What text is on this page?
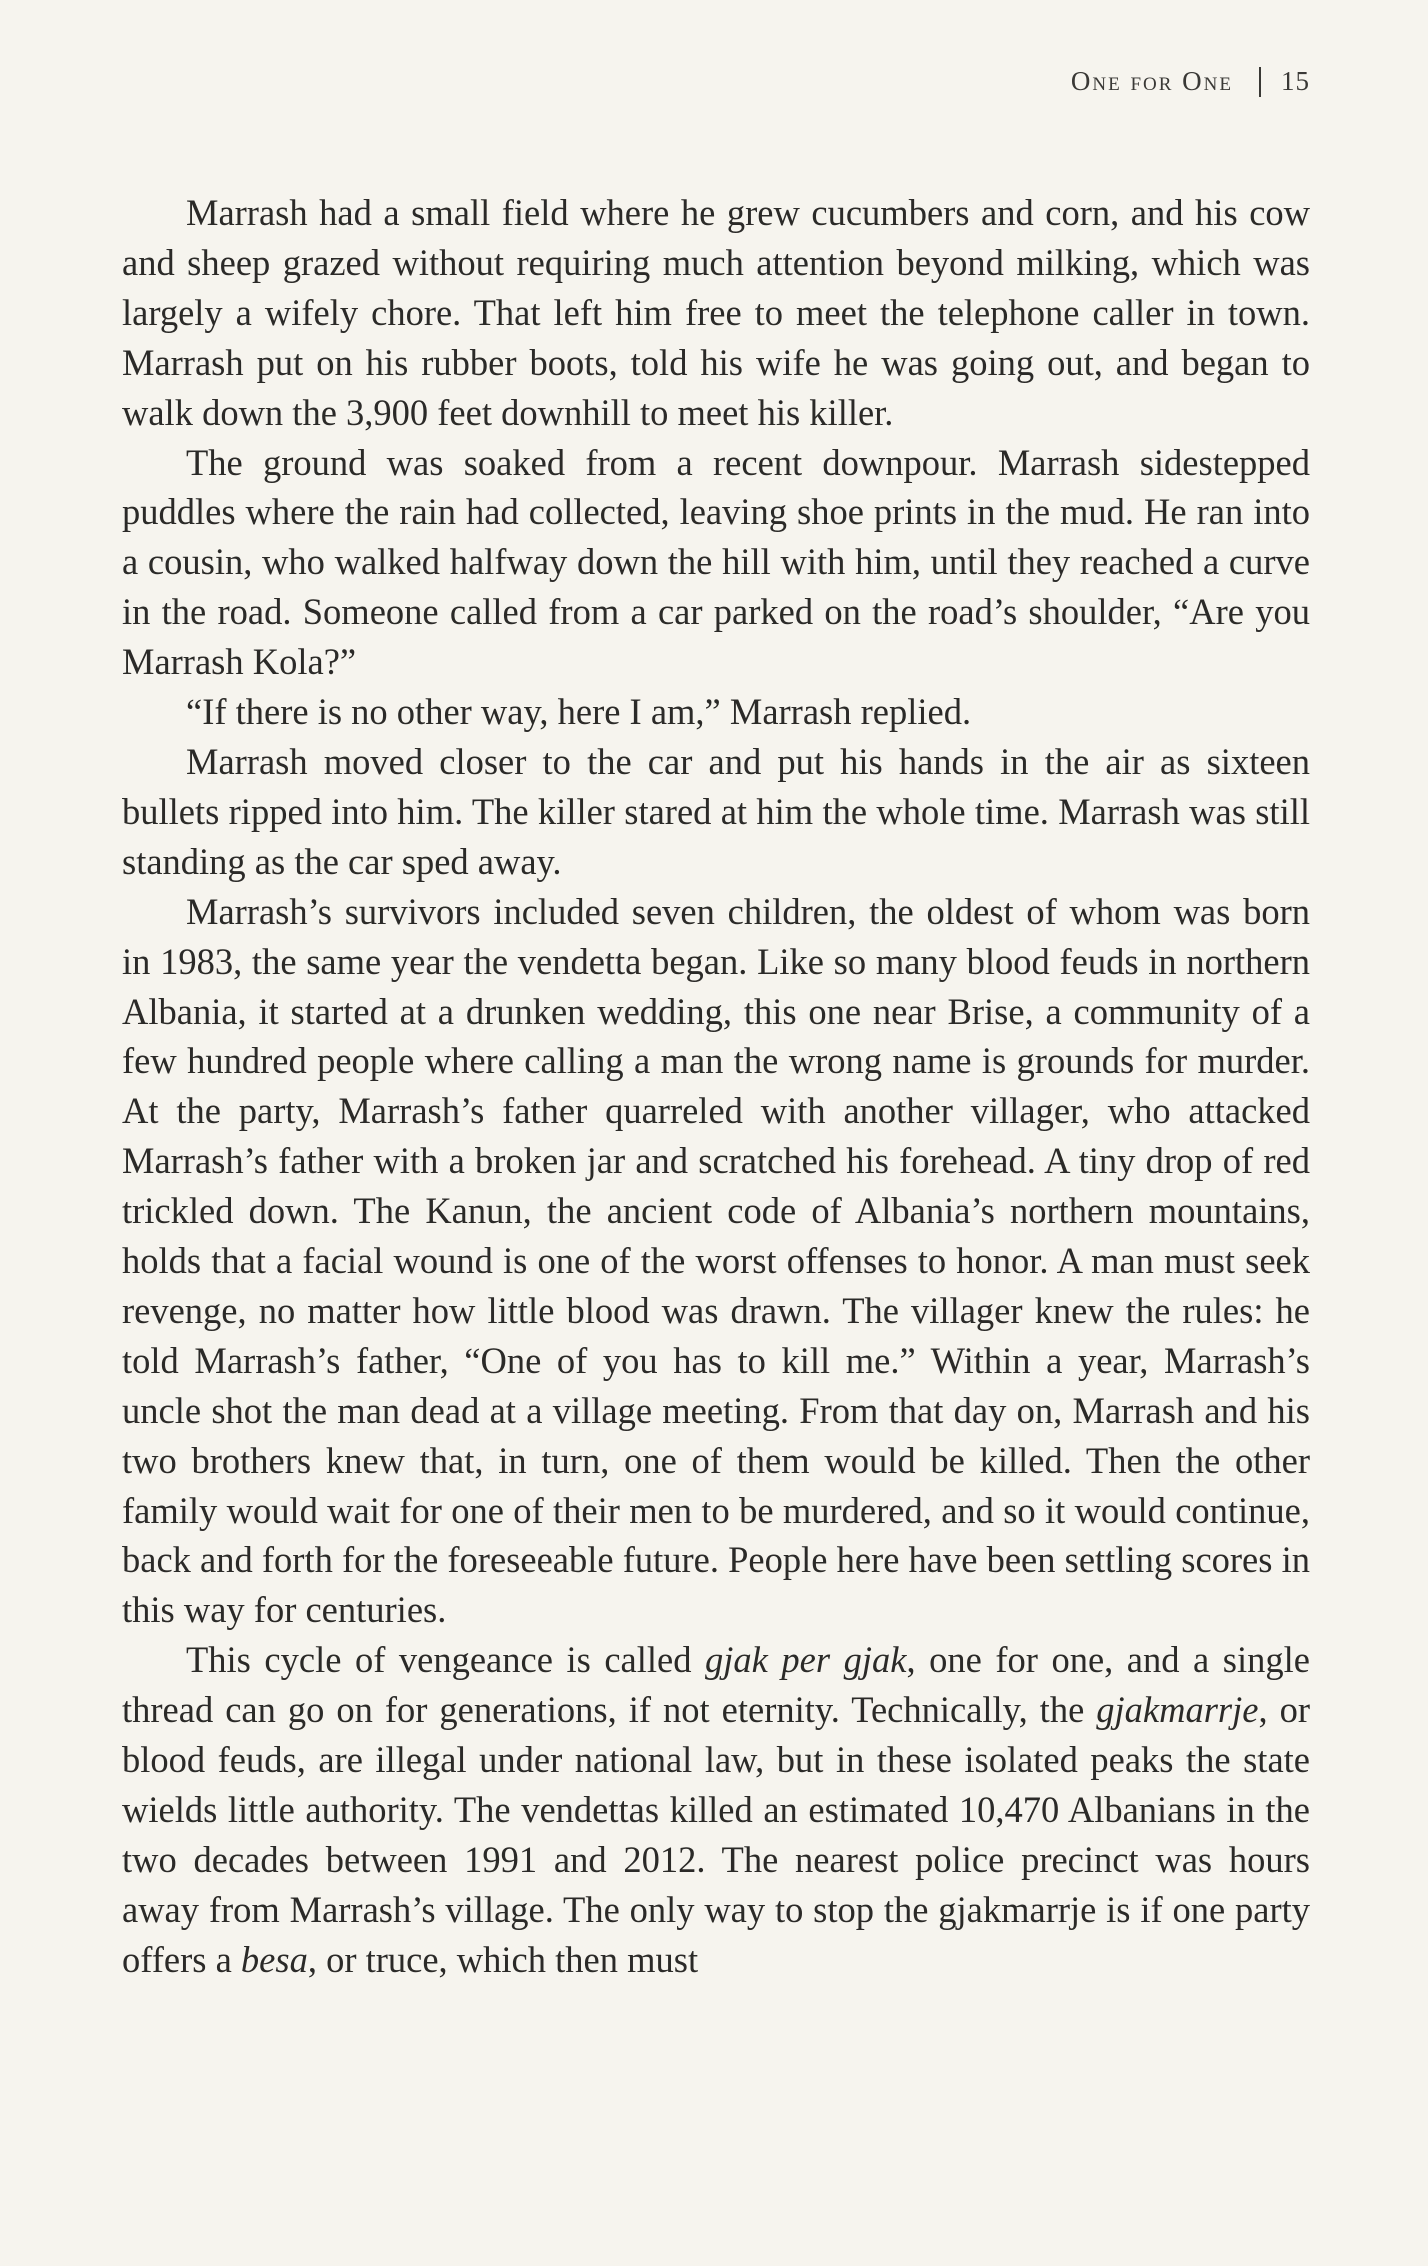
One for One 15

Marrash had a small field where he grew cucumbers and corn, and his cow and sheep grazed without requiring much attention beyond milking, which was largely a wifely chore. That left him free to meet the telephone caller in town. Marrash put on his rubber boots, told his wife he was going out, and began to walk down the 3,900 feet downhill to meet his killer.

The ground was soaked from a recent downpour. Marrash sidestepped puddles where the rain had collected, leaving shoe prints in the mud. He ran into a cousin, who walked halfway down the hill with him, until they reached a curve in the road. Someone called from a car parked on the road’s shoulder, “Are you Marrash Kola?”

“If there is no other way, here I am,” Marrash replied.

Marrash moved closer to the car and put his hands in the air as sixteen bullets ripped into him. The killer stared at him the whole time. Marrash was still standing as the car sped away.

Marrash’s survivors included seven children, the oldest of whom was born in 1983, the same year the vendetta began. Like so many blood feuds in northern Albania, it started at a drunken wedding, this one near Brise, a community of a few hundred people where calling a man the wrong name is grounds for murder. At the party, Marrash’s father quarreled with another villager, who attacked Marrash’s father with a broken jar and scratched his forehead. A tiny drop of red trickled down. The Kanun, the ancient code of Albania’s northern mountains, holds that a facial wound is one of the worst offenses to honor. A man must seek revenge, no matter how little blood was drawn. The villager knew the rules: he told Marrash’s father, “One of you has to kill me.” Within a year, Marrash’s uncle shot the man dead at a village meeting. From that day on, Marrash and his two brothers knew that, in turn, one of them would be killed. Then the other family would wait for one of their men to be murdered, and so it would continue, back and forth for the foreseeable future. People here have been settling scores in this way for centuries.

This cycle of vengeance is called gjak per gjak, one for one, and a single thread can go on for generations, if not eternity. Technically, the gjakmarrje, or blood feuds, are illegal under national law, but in these isolated peaks the state wields little authority. The vendettas killed an estimated 10,470 Albanians in the two decades between 1991 and 2012. The nearest police precinct was hours away from Marrash’s village. The only way to stop the gjakmarrje is if one party offers a besa, or truce, which then must
